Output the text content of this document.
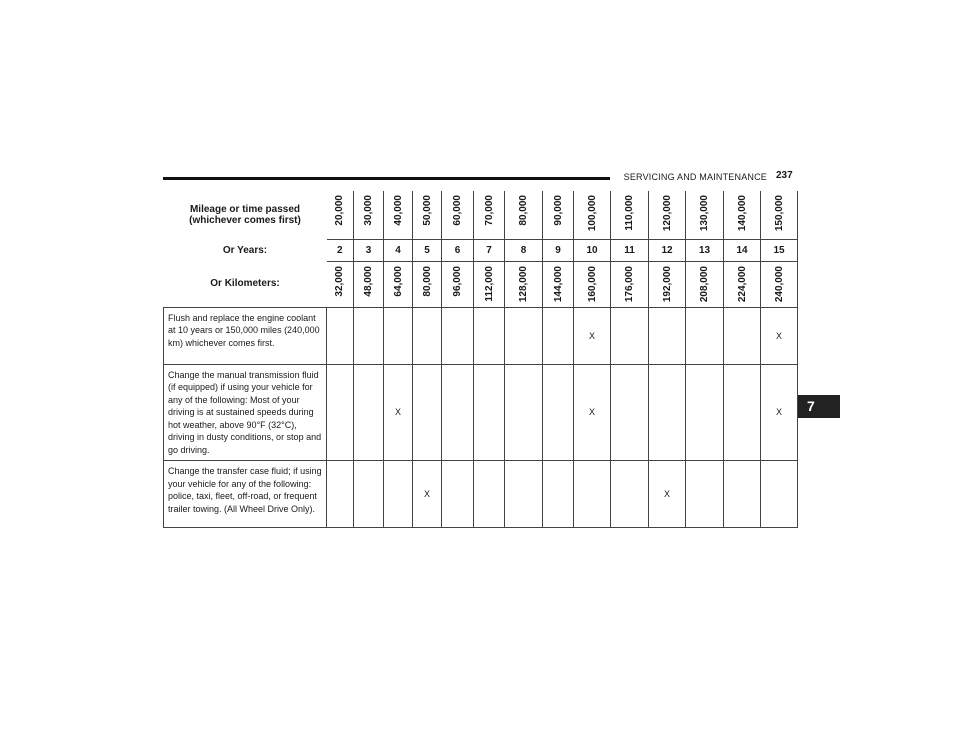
SERVICING AND MAINTENANCE 237
7
Mileage or time passed (whichever comes first)	20,000	30,000	40,000	50,000	60,000	70,000	80,000	90,000	100,000	110,000	120,000	130,000	140,000	150,000
Or Years:	2	3	4	5	6	7	8	9	10	11	12	13	14	15
Or Kilometers:	32,000	48,000	64,000	80,000	96,000	112,000	128,000	144,000	160,000	176,000	192,000	208,000	224,000	240,000
Flush and replace the engine coolant at 10 years or 150,000 miles (240,000 km) whichever comes first.									X					X
Change the manual transmission fluid (if equipped) if using your vehicle for any of the following: Most of your driving is at sustained speeds during hot weather, above 90°F (32°C), driving in dusty conditions, or stop and go driving.			X						X					X
Change the transfer case fluid; if using your vehicle for any of the following: police, taxi, fleet, off-road, or frequent trailer towing. (All Wheel Drive Only).				X							X			
